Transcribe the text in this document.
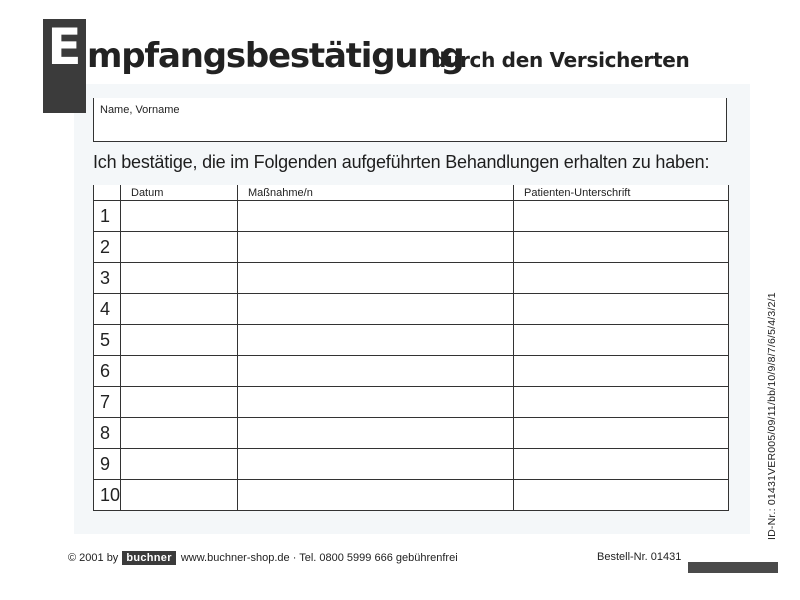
E mpfangsbestätigung
durch den Versicherten
Name, Vorname
Ich bestätige, die im Folgenden aufgeführten Behandlungen erhalten zu haben:
	Datum	Maßnahme/n	Patienten-Unterschrift
1			
2			
3			
4			
5			
6			
7			
8			
9			
10			
© 2001 by buchner www.buchner-shop.de · Tel. 0800 5999 666 gebührenfrei	Bestell-Nr. 01431
ID-Nr.: 01431VER005/09/11/bb/10/9/8/7/6/5/4/3/2/1
